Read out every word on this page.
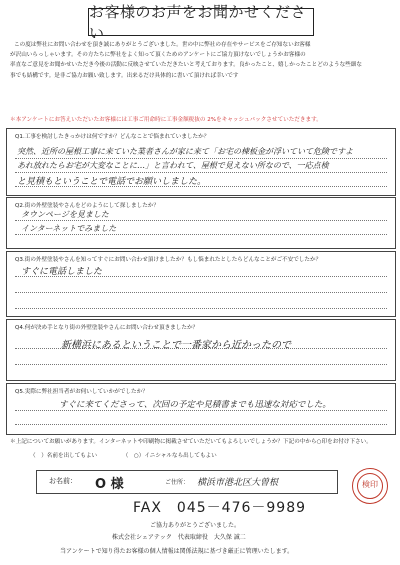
お客様のお声をお聞かせください

この度は弊社にお問い合わせを頂き誠にありがとうございました。世の中に弊社の存在やサービスをご存知ないお客様

が沢山いらっしゃいます。その方たちに弊社をよく知って頂くためのアンケートにご協力頂けないでしょうかお客様の

率直なご意見をお聞かせいただき今後の活動に反映させていただきたいと考えております。良かったこと、嬉しかったことどのような些細な

事でも結構です。是非ご協力お願い致します。出来るだけ具体的に書いて頂ければ幸いです

＊本アンケートにお答えいただいたお客様には工事ご用命時に工事金額税抜の 2%をキャッシュバックさせていただきます。
Q1.工事を検討したきっかけは何ですか？どんなことで悩まれていましたか？
突然、近所の屋根工事に来ていた業者さんが家に来て「お宅の棟板金が浮いていて危険ですよ
あれ放れたらお宅が大変なことに…」と言われて、屋根で見えない所なので、一応点検
と見積もということで電話でお願いしました。
Q2.街の外壁塗装やさんをどのようにして探しましたか？
タウンページを見ました
インターネットでみました
Q3.街の外壁塗装やさんを知ってすぐにお問い合わせ頂けましたか？もし悩まれたとしたらどんなことがご不安でしたか？
すぐに電話しました
Q4.何が決め手となり街の外壁塗装やさんにお問い合わせ頂きましたか？
新横浜にあるということで一番家から近かったので
Q5.実際に弊社担当者がお伺いしていかがでしたか？
すぐに来てくださって、次回の予定や見積書までも迅速な対応でした。
＊上記についてお願いがあります。インターネットや印刷物に掲載させていただいてもよろしいでしょうか？下記の中から○印をお付け下さい。
（　）名前を出してもよい	（　○）イニシャルなら出してもよい
お名前： O 様	ご住所： 横浜市港北区大曽根	検印
FAX　045－476－9989
ご協力ありがとうございました。
株式会社シェアテック　代表取締役　大久保 誠二
当アンケートで知り得たお客様の個人情報は関係法規に基づき厳正に管理いたします。
